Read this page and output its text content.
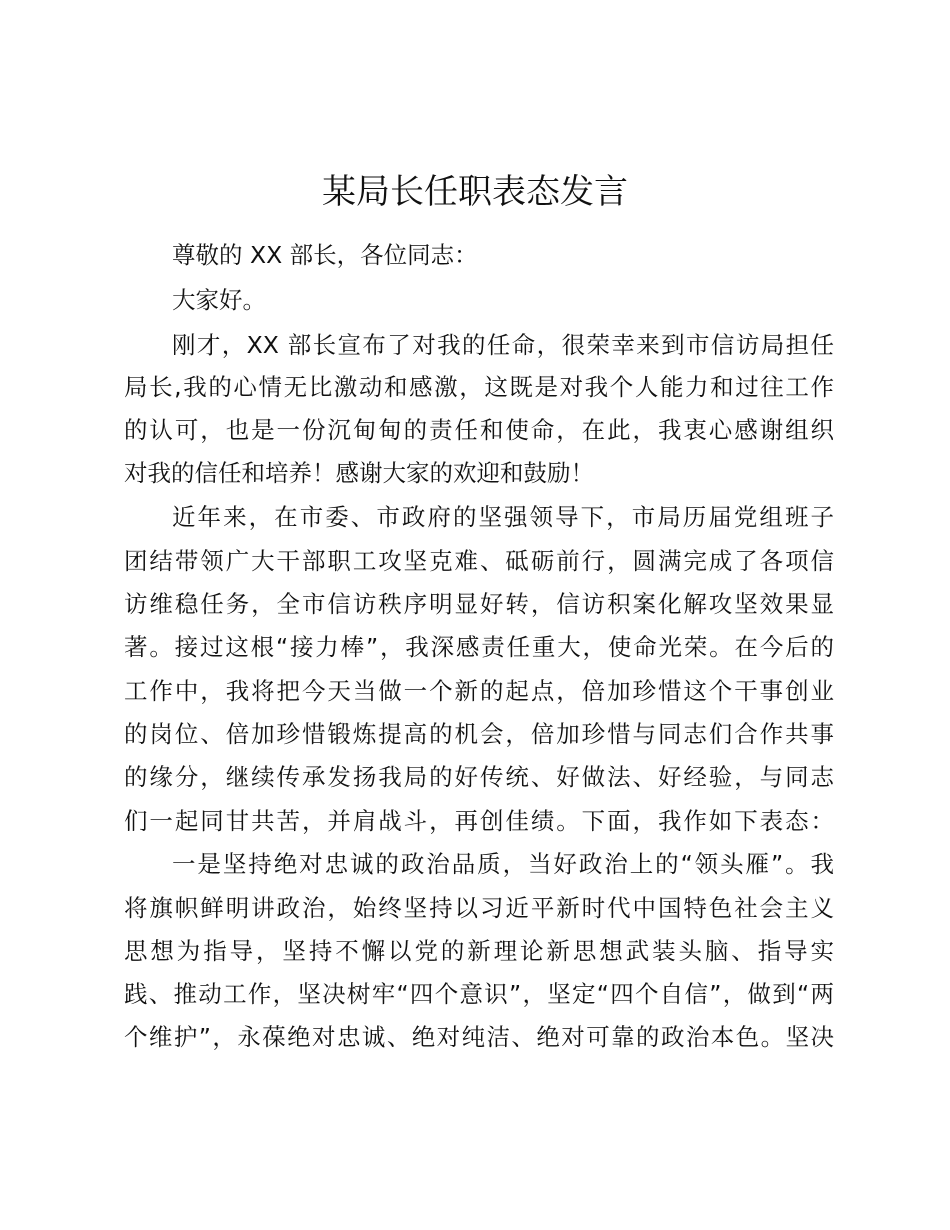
某局长任职表态发言
尊敬的 XX 部长，各位同志：
大家好。
刚才，XX 部长宣布了对我的任命，很荣幸来到市信访局担任
局长,我的心情无比激动和感激，这既是对我个人能力和过往工作
的认可，也是一份沉甸甸的责任和使命，在此，我衷心感谢组织
对我的信任和培养！感谢大家的欢迎和鼓励！
近年来，在市委、市政府的坚强领导下，市局历届党组班子
团结带领广大干部职工攻坚克难、砥砺前行，圆满完成了各项信
访维稳任务，全市信访秩序明显好转，信访积案化解攻坚效果显
著。接过这根“接力棒”，我深感责任重大，使命光荣。在今后的
工作中，我将把今天当做一个新的起点，倍加珍惜这个干事创业
的岗位、倍加珍惜锻炼提高的机会，倍加珍惜与同志们合作共事
的缘分，继续传承发扬我局的好传统、好做法、好经验，与同志
们一起同甘共苦，并肩战斗，再创佳绩。下面，我作如下表态：
一是坚持绝对忠诚的政治品质，当好政治上的“领头雁”。我
将旗帜鲜明讲政治，始终坚持以习近平新时代中国特色社会主义
思想为指导，坚持不懈以党的新理论新思想武装头脑、指导实
践、推动工作，坚决树牢“四个意识”，坚定“四个自信”，做到“两
个维护”，永葆绝对忠诚、绝对纯洁、绝对可靠的政治本色。坚决
